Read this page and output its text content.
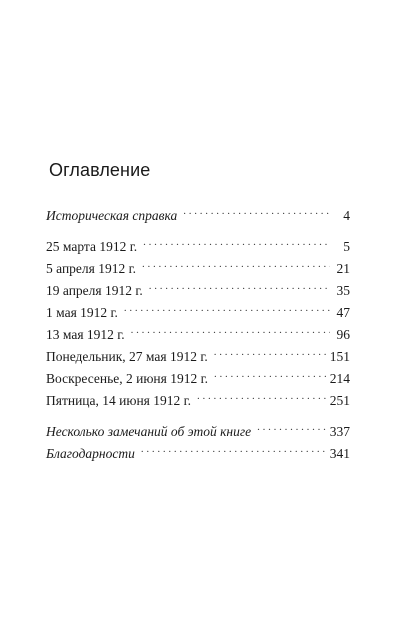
Оглавление
Историческая справка . . .	4
25 марта 1912 г. . . .	5
5 апреля 1912 г. . . .	21
19 апреля 1912 г. . . .	35
1 мая 1912 г. . . .	47
13 мая 1912 г. . . .	96
Понедельник, 27 мая 1912 г. . . .	151
Воскресенье, 2 июня 1912 г. . . .	214
Пятница, 14 июня 1912 г. . . .	251
Несколько замечаний об этой книге . . .	337
Благодарности . . .	341
